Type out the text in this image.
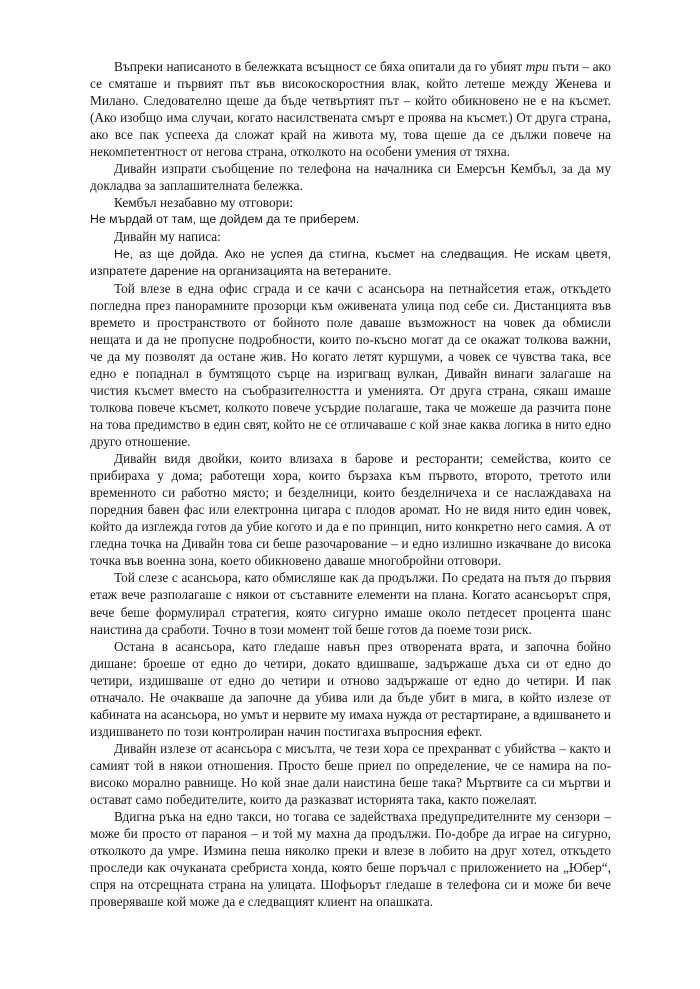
Въпреки написаното в бележката всъщност се бяха опитали да го убият три пъти – ако се смяташе и първият път във високоскоростния влак, който летеше между Женева и Милано. Следователно щеше да бъде четвъртият път – който обикновено не е на късмет. (Ако изобщо има случаи, когато насилствената смърт е проява на късмет.) От друга страна, ако все пак успееха да сложат край на живота му, това щеше да се дължи повече на некомпетентност от негова страна, отколкото на особени умения от тяхна.

Дивайн изпрати съобщение по телефона на началника си Емерсън Кембъл, за да му докладва за заплашителната бележка.

Кембъл незабавно му отговори:

Не мърдай от там, ще дойдем да те приберем.

Дивайн му написа:

Не, аз ще дойда. Ако не успея да стигна, късмет на следващия. Не искам цветя, изпратете дарение на организацията на ветераните.

Той влезе в една офис сграда и се качи с асансьора на петнайсетия етаж, откъдето погледна през панорамните прозорци към оживената улица под себе си. Дистанцията във времето и пространството от бойното поле даваше възможност на човек да обмисли нещата и да не пропусне подробности, които по-късно могат да се окажат толкова важни, че да му позволят да остане жив. Но когато летят куршуми, а човек се чувства така, все едно е попаднал в бумтящото сърце на изригващ вулкан, Дивайн винаги залагаше на чистия късмет вместо на съобразителността и уменията. От друга страна, сякаш имаше толкова повече късмет, колкото повече усърдие полагаше, така че можеше да разчита поне на това предимство в един свят, който не се отличаваше с кой знае каква логика в нито едно друго отношение.

Дивайн видя двойки, които влизаха в барове и ресторанти; семейства, които се прибираха у дома; работещи хора, които бързаха към първото, второто, третото или временното си работно място; и безделници, които безделничеха и се наслаждаваха на поредния бавен фас или електронна цигара с плодов аромат. Но не видя нито един човек, който да изглежда готов да убие когото и да е по принцип, нито конкретно него самия. А от гледна точка на Дивайн това си беше разочарование – и едно излишно изкачване до висока точка във военна зона, което обикновено даваше многобройни отговори.

Той слезе с асансьора, като обмисляше как да продължи. По средата на пътя до първия етаж вече разполагаше с някои от съставните елементи на плана. Когато асансьорът спря, вече беше формулирал стратегия, която сигурно имаше около петдесет процента шанс наистина да сработи. Точно в този момент той беше готов да поеме този риск.

Остана в асансьора, като гледаше навън през отворената врата, и започна бойно дишане: броеше от едно до четири, докато вдишваше, задържаше дъха си от едно до четири, издишваше от едно до четири и отново задържаше от едно до четири. И пак отначало. Не очакваше да започне да убива или да бъде убит в мига, в който излезе от кабината на асансьора, но умът и нервите му имаха нужда от рестартиране, а вдишването и издишването по този контролиран начин постигаха въпросния ефект.

Дивайн излезе от асансьора с мисълта, че тези хора се прехранват с убийства – както и самият той в някои отношения. Просто беше приел по определение, че се намира на по-високо морално равнище. Но кой знае дали наистина беше така? Мъртвите са си мъртви и остават само победителите, които да разказват историята така, както пожелаят.

Вдигна ръка на едно такси, но тогава се задействаха предупредителните му сензори – може би просто от параноя – и той му махна да продължи. По-добре да играе на сигурно, отколкото да умре. Измина пеша няколко преки и влезе в лобито на друг хотел, откъдето проследи как очуканата сребриста хонда, която беше поръчал с приложението на „Юбер“, спря на отсрещната страна на улицата. Шофьорът гледаше в телефона си и може би вече проверяваше кой може да е следващият клиент на опашката.
